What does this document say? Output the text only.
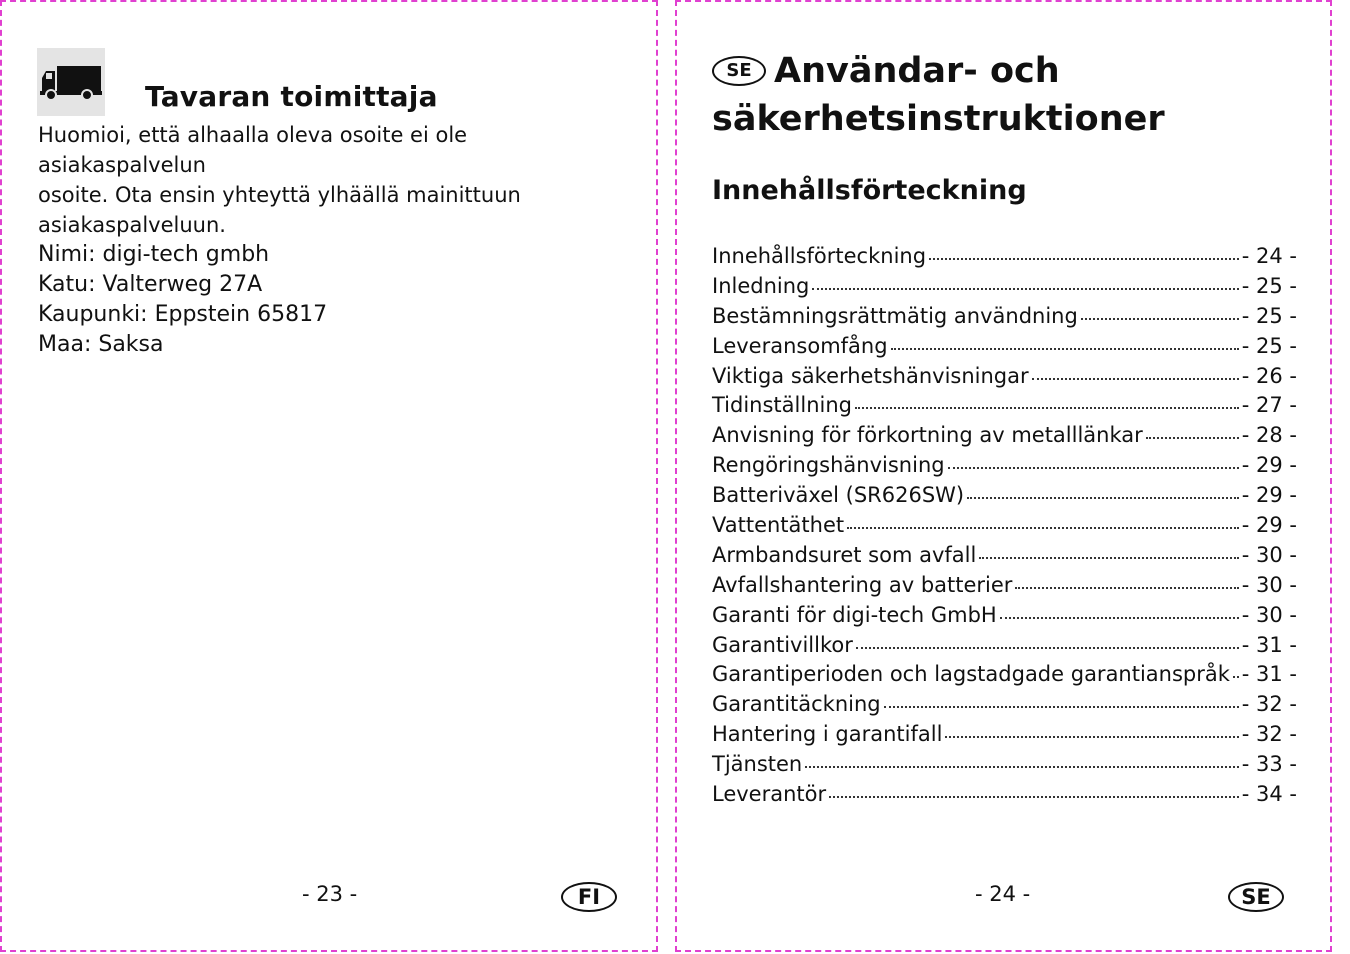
Tavaran toimittaja

Huomioi, että alhaalla oleva osoite ei ole asiakaspalvelun

osoite. Ota ensin yhteyttä ylhäällä mainittuun

asiakaspalveluun.

Nimi: digi-tech gmbh
Katu: Valterweg 27A
Kaupunki: Eppstein 65817
Maa: Saksa
- 23 -	FI
SE Användar- och
säkerhetsinstruktioner
Innehållsförteckning
Innehållsförteckning	- 24 -
Inledning	- 25 -
Bestämningsrättmätig användning	- 25 -
Leveransomfång	- 25 -
Viktiga säkerhetshänvisningar	- 26 -
Tidinställning	- 27 -
Anvisning för förkortning av metalllänkar	- 28 -
Rengöringshänvisning	- 29 -
Batteriväxel (SR626SW)	- 29 -
Vattentäthet	- 29 -
Armbandsuret som avfall	- 30 -
Avfallshantering av batterier	- 30 -
Garanti för digi-tech GmbH	- 30 -
Garantivillkor	- 31 -
Garantiperioden och lagstadgade garantianspråk - 31 -
Garantitäckning	- 32 -
Hantering i garantifall	- 32 -
Tjänsten	- 33 -
Leverantör	- 34 -
- 24 -	SE
